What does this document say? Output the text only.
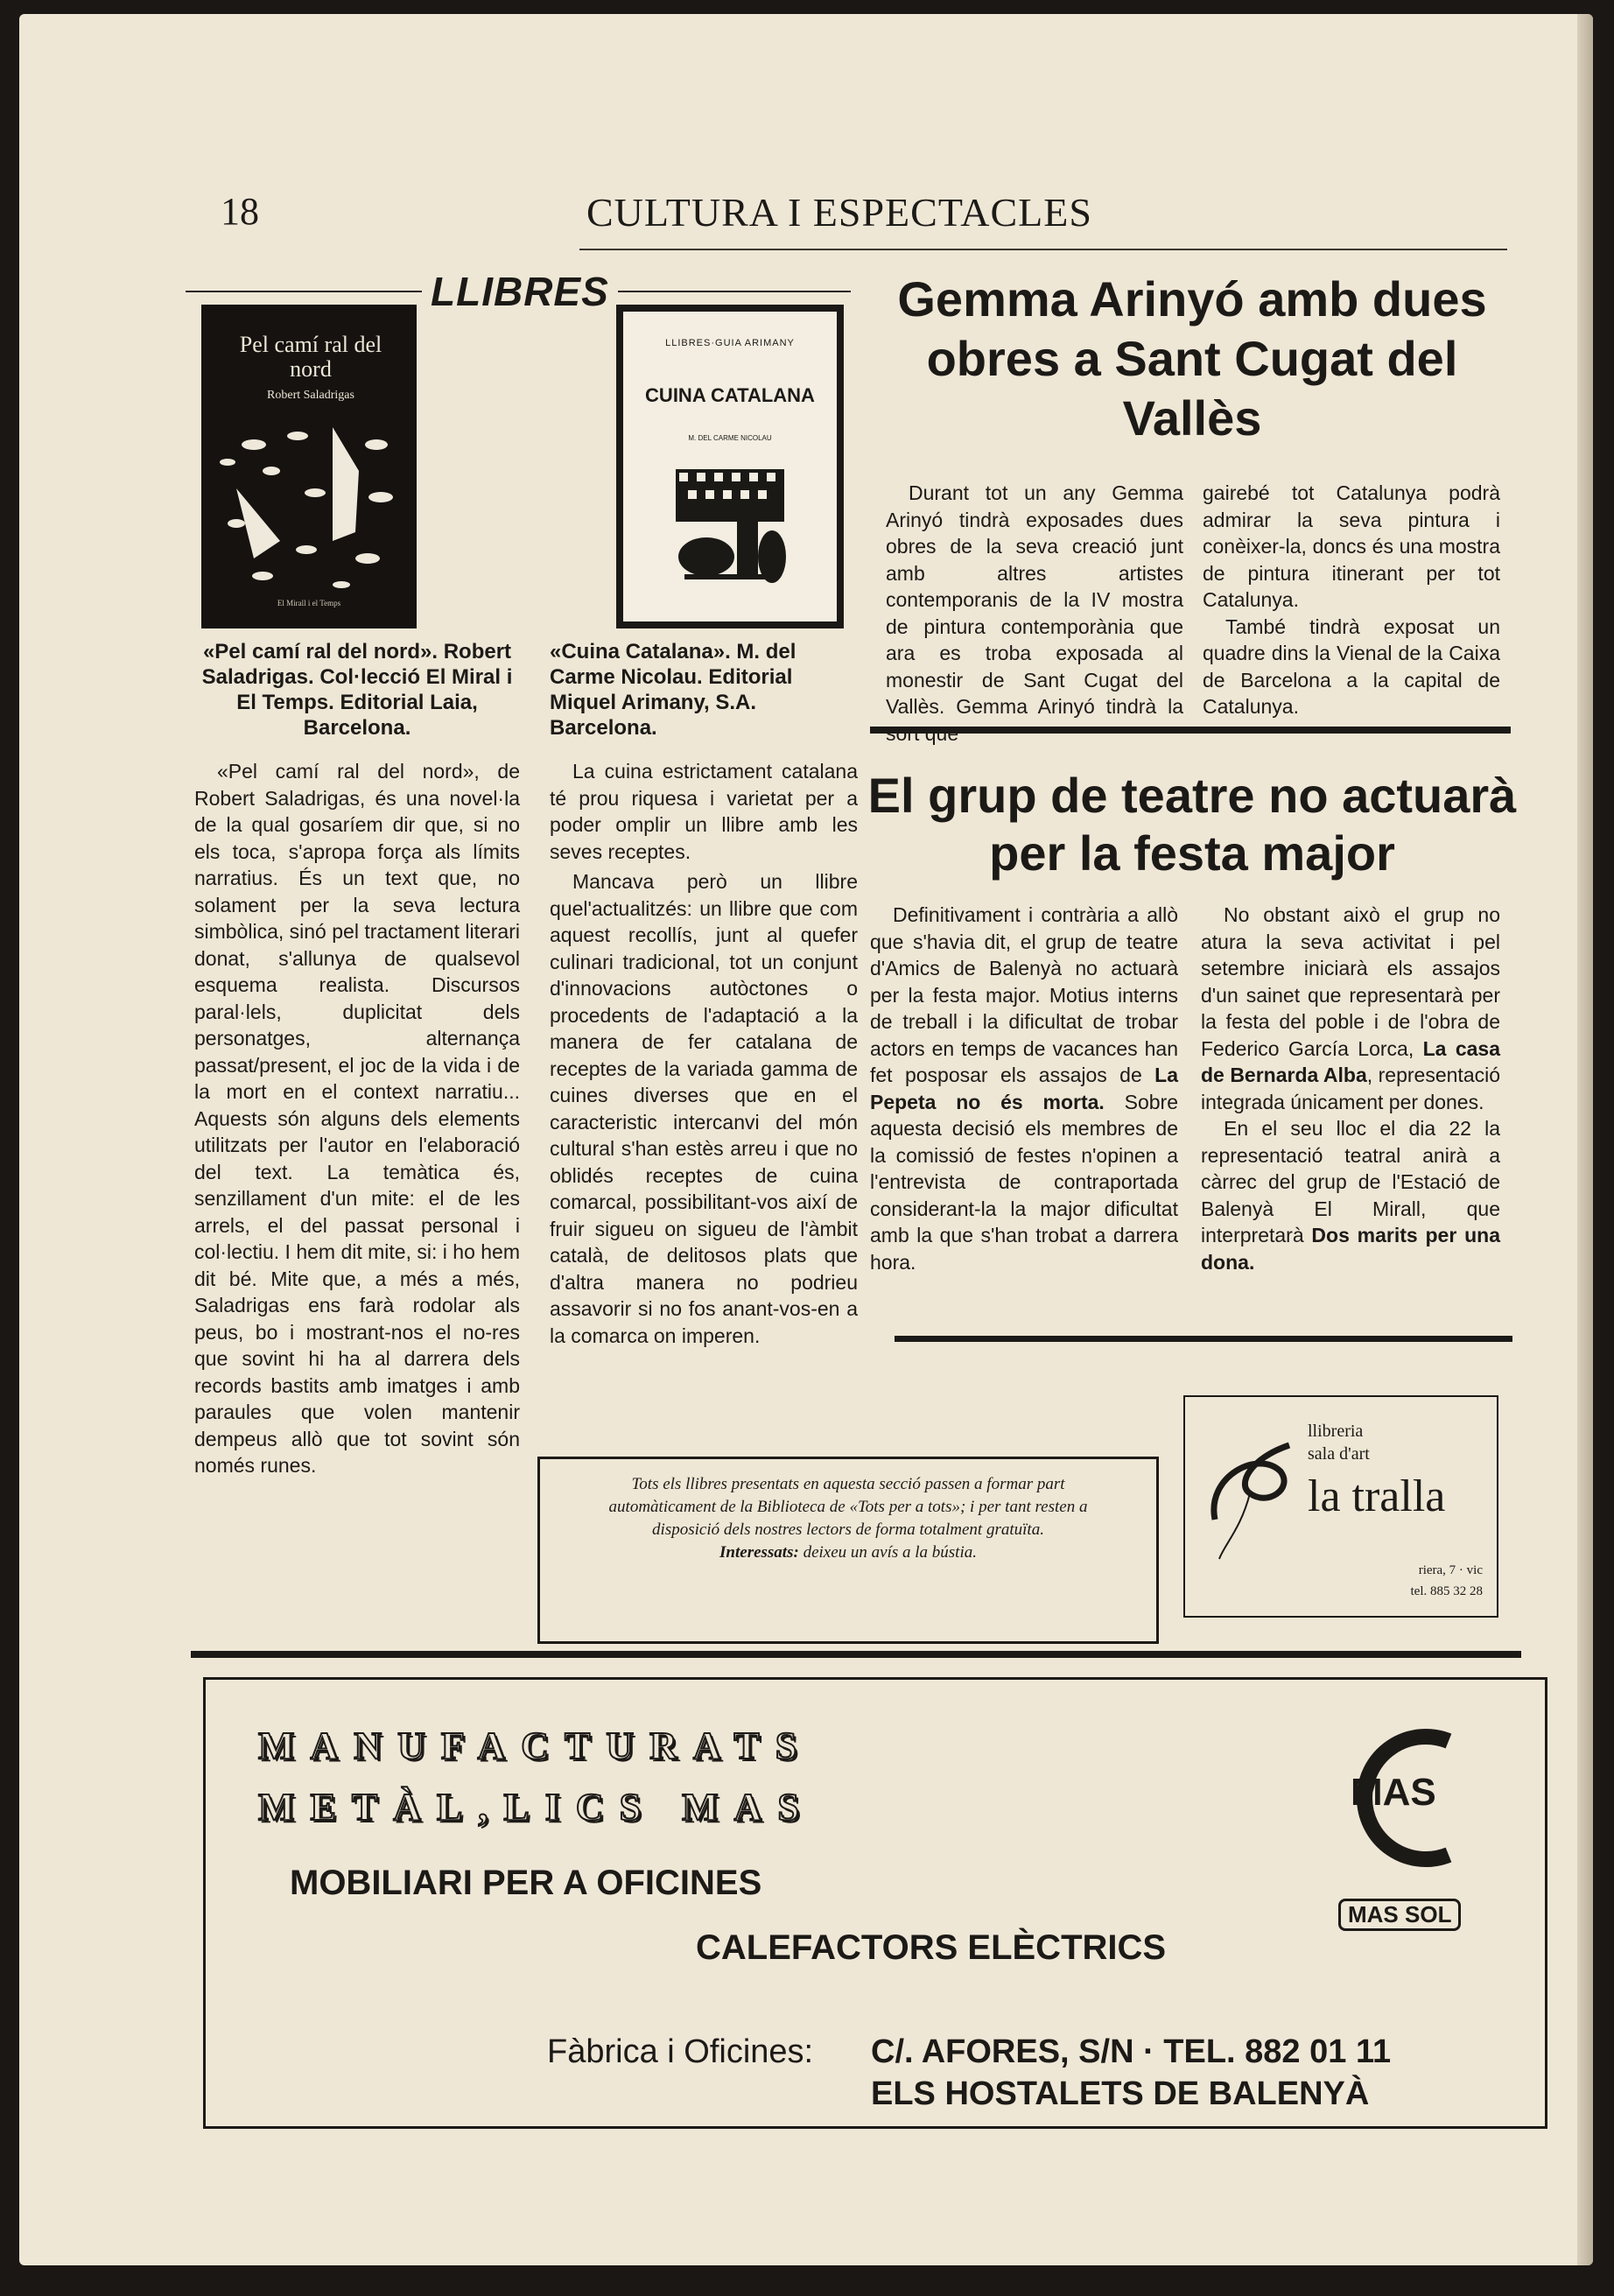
18	CULTURA I ESPECTACLES
LLIBRES
Pel camí ral del nord
Robert Saladrigas
El Mirall i el Temps
LLIBRES·GUIA ARIMANY
CUINA CATALANA
M. DEL CARME NICOLAU
«Pel camí ral del nord». Robert Saladrigas. Col·lecció El Miral i El Temps. Editorial Laia, Barcelona.
«Cuina Catalana». M. del Carme Nicolau. Editorial Miquel Arimany, S.A. Barcelona.
«Pel camí ral del nord», de Robert Saladrigas, és una novel·la de la qual gosaríem dir que, si no els toca, s'apropa força als límits narratius. És un text que, no solament per la seva lectura simbòlica, sinó pel tractament literari donat, s'allunya de qualsevol esquema realista. Discursos paral·lels, duplicitat dels personatges, alternança passat/present, el joc de la vida i de la mort en el context narratiu... Aquests són alguns dels elements utilitzats per l'autor en l'elaboració del text. La temàtica és, senzillament d'un mite: el de les arrels, el del passat personal i col·lectiu. I hem dit mite, si: i ho hem dit bé. Mite que, a més a més, Saladrigas ens farà rodolar als peus, bo i mostrant-nos el no-res que sovint hi ha al darrera dels records bastits amb imatges i amb paraules que volen mantenir dempeus allò que tot sovint són només runes.
La cuina estrictament catalana té prou riquesa i varietat per a poder omplir un llibre amb les seves receptes.
Mancava però un llibre quel'actualitzés: un llibre que com aquest recollís, junt al quefer culinari tradicional, tot un conjunt d'innovacions autòctones o procedents de l'adaptació a la manera de fer catalana de receptes de la variada gamma de cuines diverses que en el caracteristic intercanvi del món cultural s'han estès arreu i que no oblidés receptes de cuina comarcal, possibilitant-vos així de fruir sigueu on sigueu de l'àmbit català, de delitosos plats que d'altra manera no podrieu assavorir si no fos anant-vos-en a la comarca on imperen.
Tots els llibres presentats en aquesta secció passen a formar part automàticament de la Biblioteca de «Tots per a tots»; i per tant resten a disposició dels nostres lectors de forma totalment gratuïta.
Interessats: deixeu un avís a la bústia.
Gemma Arinyó amb dues obres a Sant Cugat del Vallès
Durant tot un any Gemma Arinyó tindrà exposades dues obres de la seva creació junt amb altres artistes contemporanis de la IV mostra de pintura contemporània que ara es troba exposada al monestir de Sant Cugat del Vallès. Gemma Arinyó tindrà la
gairebé tot Catalunya podrà admirar la seva pintura i conèixer-la, doncs és una mostra de pintura itinerant per tot Catalunya.
També tindrà exposat un quadre dins la Vienal de la Caixa de Barcelona a la capital de Catalunya.
El grup de teatre no actuarà per la festa major
Definitivament i contrària a allò que s'havia dit, el grup de teatre d'Amics de Balenyà no actuarà per la festa major. Motius interns de treball i la dificultat de trobar actors en temps de vacances han fet posposar els assajos de La Pepeta no és morta. Sobre aquesta decisió els membres de la comissió de festes n'opinen a l'entrevista de contraportada considerant-la la major dificultat amb la que s'han trobat a darrera hora.
No obstant això el grup no atura la seva activitat i pel setembre iniciarà els assajos d'un sainet que representarà per la festa del poble i de l'obra de Federico García Lorca, La casa de Bernarda Alba, representació integrada únicament per dones.
En el seu lloc el dia 22 la representació teatral anirà a càrrec del grup de l'Estació de Balenyà El Mirall, que interpretarà Dos marits per una dona.
llibreria
sala d'art
la tralla
riera, 7 · vic
tel. 885 32 28
MANUFACTURATS
METÀL,LICS MAS	MAS
MAS SOL
MOBILIARI PER A OFICINES
CALEFACTORS ELÈCTRICS
Fàbrica i Oficines: C/. AFORES, S/N · TEL. 882 01 11
ELS HOSTALETS DE BALENYÀ
